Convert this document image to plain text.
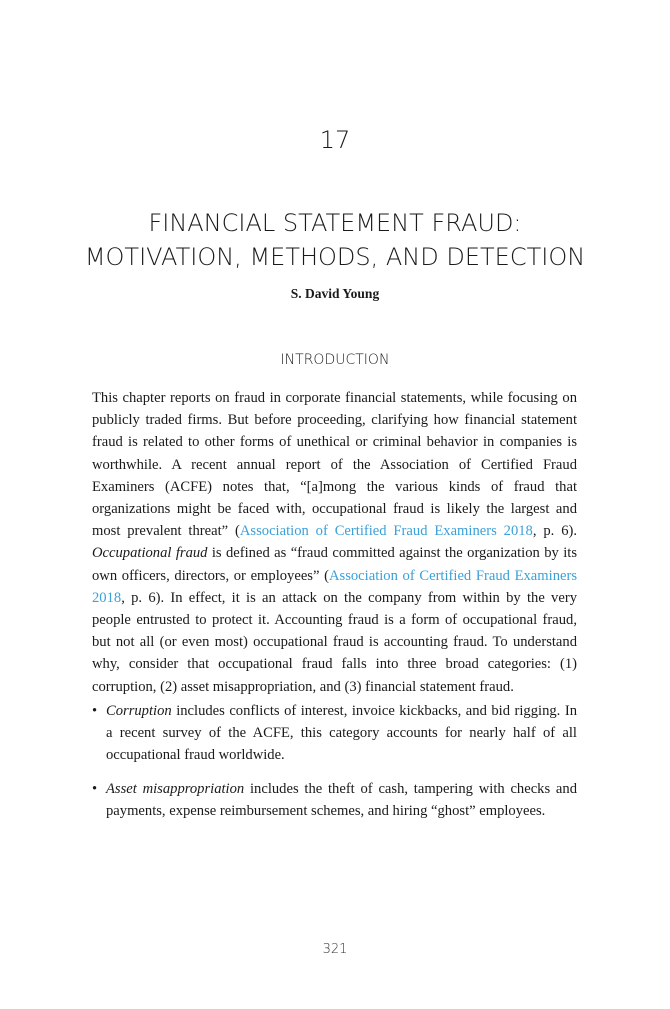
17
FINANCIAL STATEMENT FRAUD:
MOTIVATION, METHODS, AND DETECTION
S. David Young
INTRODUCTION

This chapter reports on fraud in corporate financial statements, while focusing on publicly traded firms. But before proceeding, clarifying how financial statement fraud is related to other forms of unethical or criminal behavior in companies is worthwhile. A recent annual report of the Association of Certified Fraud Examiners (ACFE) notes that, “[a]mong the various kinds of fraud that organizations might be faced with, occupational fraud is likely the largest and most prevalent threat” (Association of Certified Fraud Examiners 2018, p. 6). Occupational fraud is defined as “fraud committed against the organization by its own officers, directors, or employees” (Association of Certified Fraud Examiners 2018, p. 6). In effect, it is an attack on the company from within by the very people entrusted to protect it. Accounting fraud is a form of occupational fraud, but not all (or even most) occupational fraud is accounting fraud. To understand why, consider that occupational fraud falls into three broad categories: (1) corruption, (2) asset misappropriation, and (3) financial statement fraud.

• Corruption includes conflicts of interest, invoice kickbacks, and bid rigging. In a recent survey of the ACFE, this category accounts for nearly half of all occupational fraud worldwide.
• Asset misappropriation includes the theft of cash, tampering with checks and payments, expense reimbursement schemes, and hiring “ghost” employees.
321
